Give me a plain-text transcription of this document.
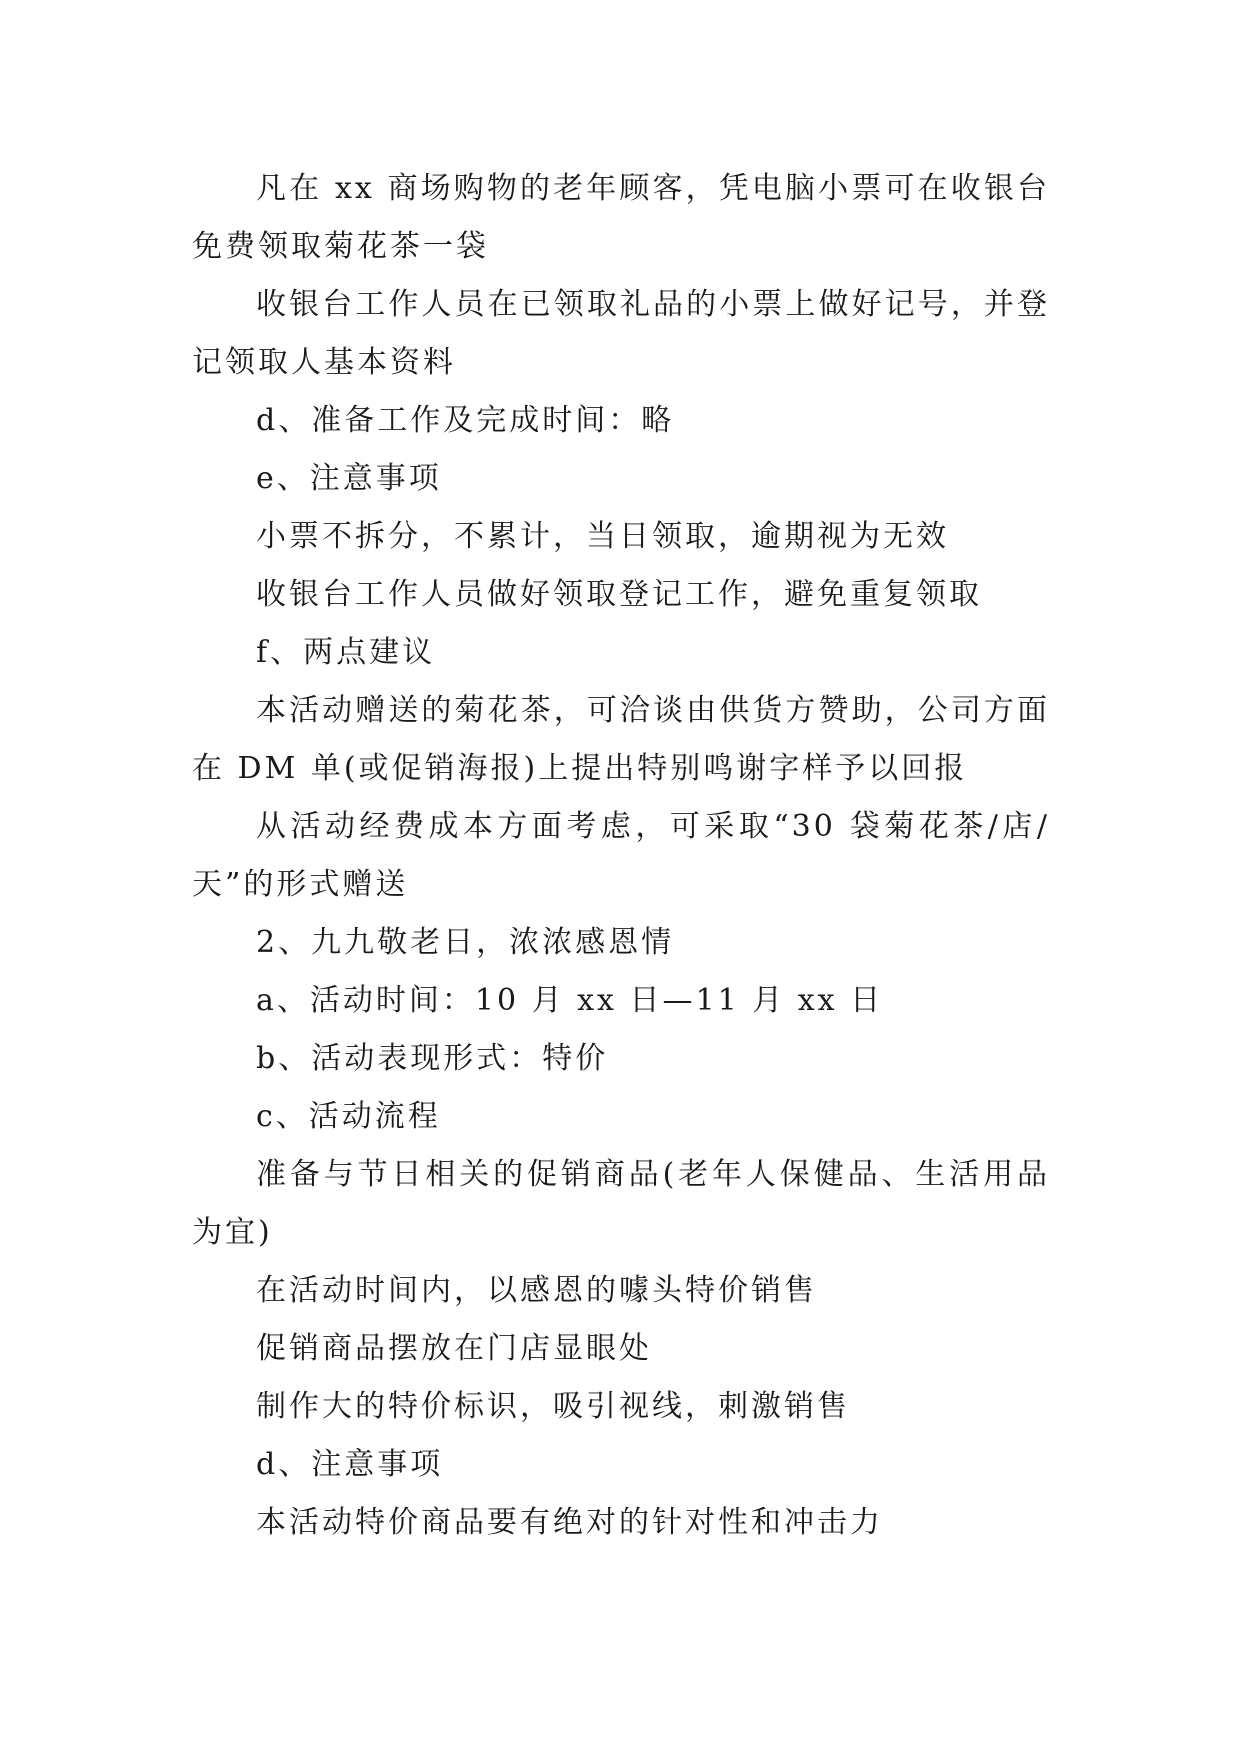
凡在 xx 商场购物的老年顾客，凭电脑小票可在收银台免费领取菊花茶一袋

收银台工作人员在已领取礼品的小票上做好记号，并登记领取人基本资料

d、准备工作及完成时间：略

e、注意事项

小票不拆分，不累计，当日领取，逾期视为无效

收银台工作人员做好领取登记工作，避免重复领取

f、两点建议

本活动赠送的菊花茶，可洽谈由供货方赞助，公司方面在 DM 单(或促销海报)上提出特别鸣谢字样予以回报

从活动经费成本方面考虑，可采取“30 袋菊花茶/店/天”的形式赠送

2、九九敬老日，浓浓感恩情

a、活动时间：10 月 xx 日—11 月 xx 日

b、活动表现形式：特价

c、活动流程

准备与节日相关的促销商品(老年人保健品、生活用品为宜)

在活动时间内，以感恩的噱头特价销售

促销商品摆放在门店显眼处

制作大的特价标识，吸引视线，刺激销售

d、注意事项

本活动特价商品要有绝对的针对性和冲击力
